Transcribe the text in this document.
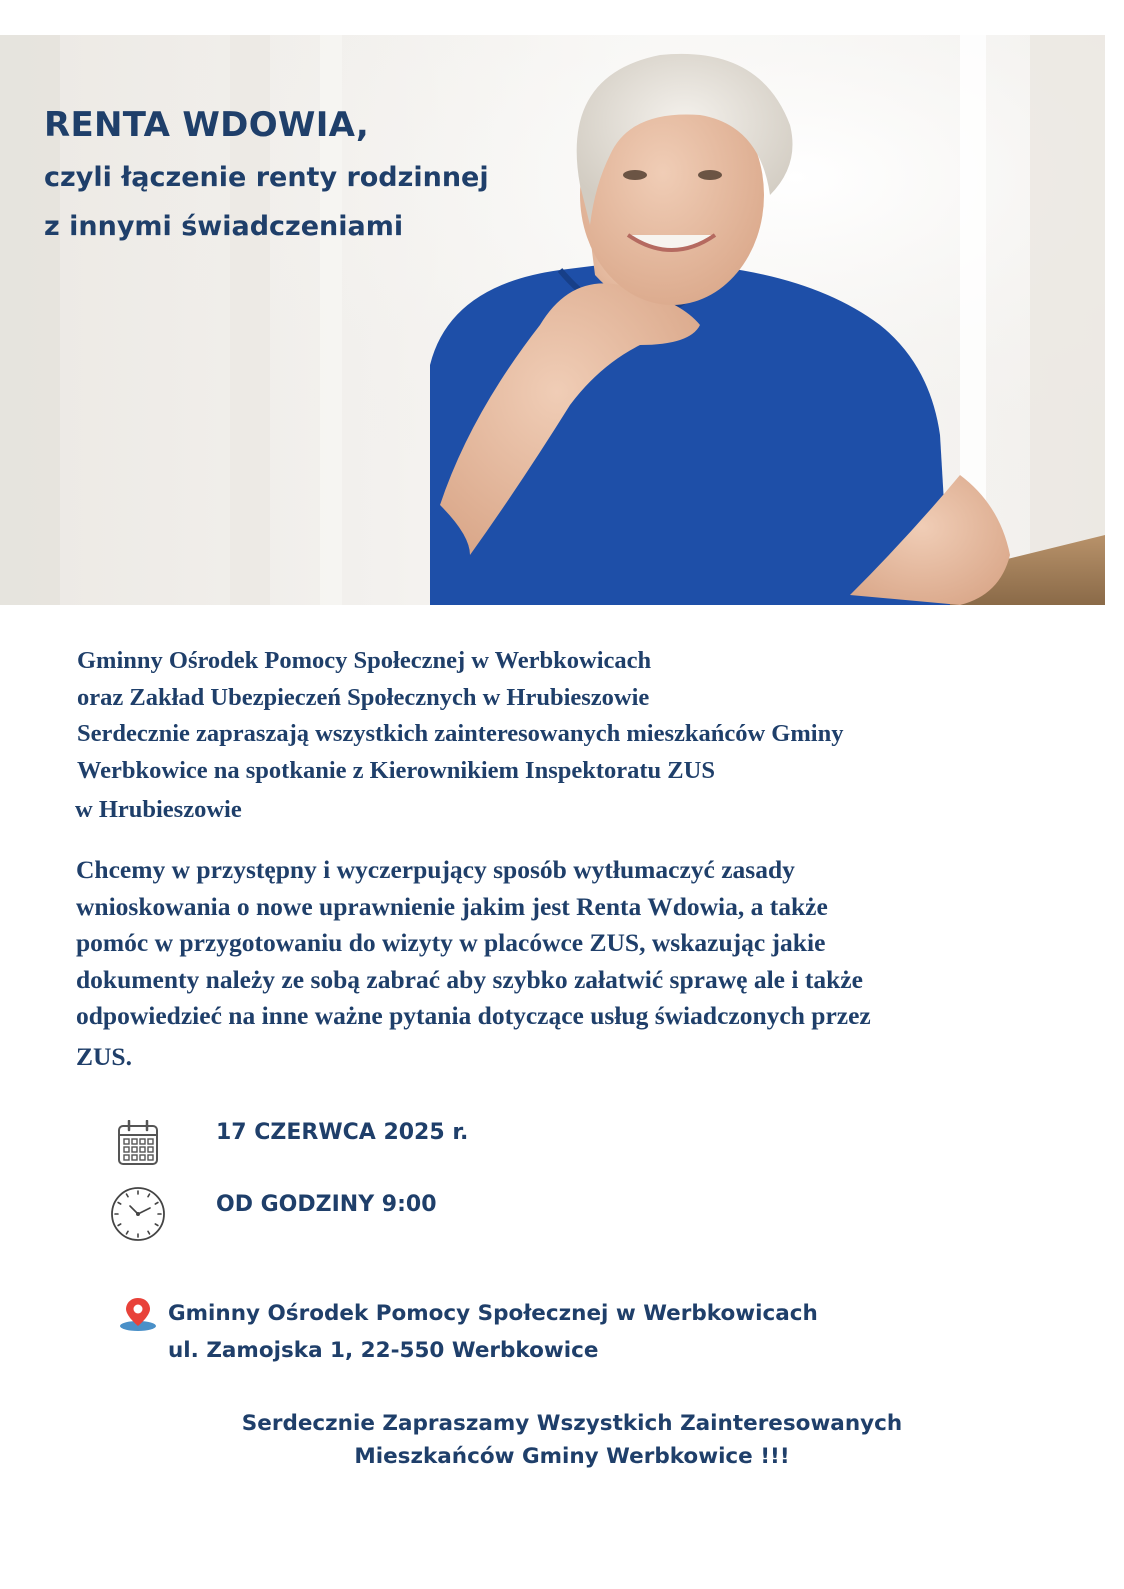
RENTA WDOWIA,

czyli łączenie renty rodzinnej

z innymi świadczeniami

Gminny Ośrodek Pomocy Społecznej w Werbkowicach
oraz Zakład Ubezpieczeń Społecznych w Hrubieszowie
Serdecznie zapraszają wszystkich zainteresowanych mieszkańców Gminy
Werbkowice na spotkanie z Kierownikiem Inspektoratu ZUS
w Hrubieszowie
Chcemy w przystępny i wyczerpujący sposób wytłumaczyć zasady
wnioskowania o nowe uprawnienie jakim jest Renta Wdowia, a także
pomóc w przygotowaniu do wizyty w placówce ZUS, wskazując jakie
dokumenty należy ze sobą zabrać aby szybko załatwić sprawę ale i także
odpowiedzieć na inne ważne pytania dotyczące usług świadczonych przez
ZUS.

17 CZERWCA 2025 r.

OD GODZINY 9:00

Gminny Ośrodek Pomocy Społecznej w Werbkowicach

ul. Zamojska 1, 22-550 Werbkowice

Serdecznie Zapraszamy Wszystkich Zainteresowanych

Mieszkańców Gminy Werbkowice !!!
